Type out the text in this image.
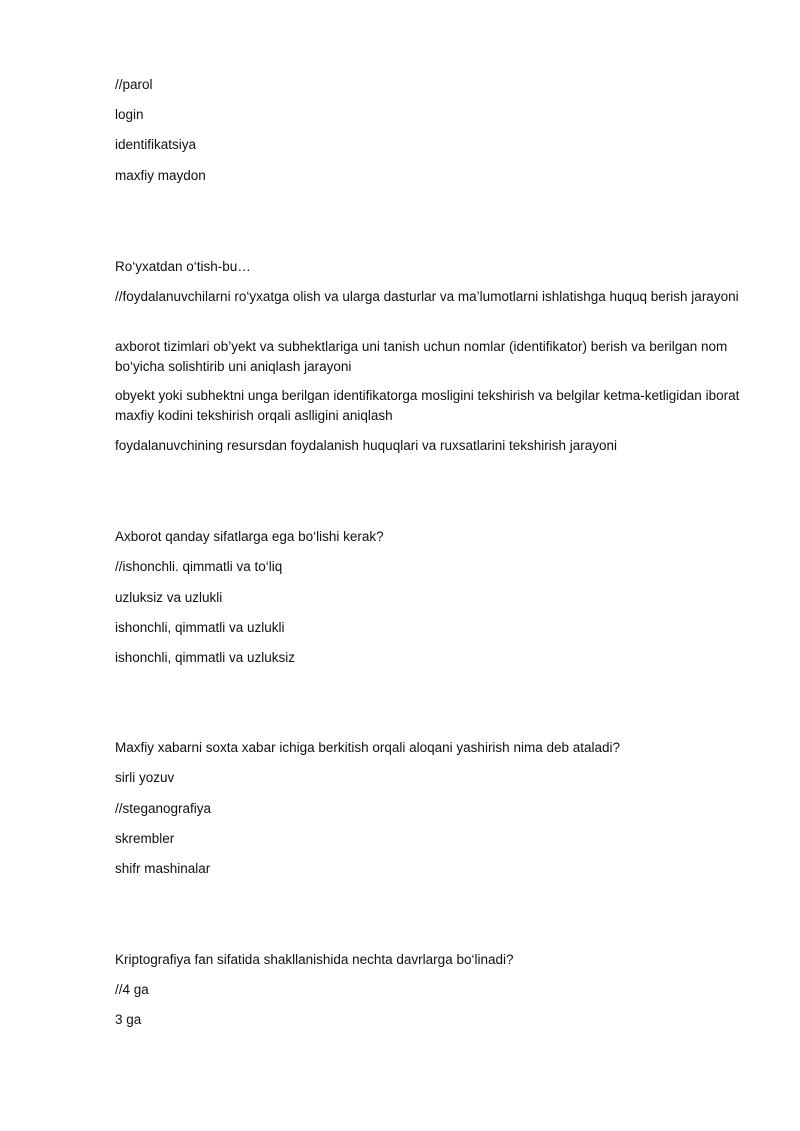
//parol
login
identifikatsiya
maxfiy maydon
Ro‘yxatdan o‘tish-bu…
//foydalanuvchilarni ro‘yxatga olish va ularga dasturlar va ma’lumotlarni ishlatishga huquq berish jarayoni
axborot tizimlari ob’yekt va subhektlariga uni tanish uchun nomlar (identifikator) berish va berilgan nom bo‘yicha solishtirib uni aniqlash jarayoni
obyekt yoki subhektni unga berilgan identifikatorga mosligini tekshirish va belgilar ketma-ketligidan iborat maxfiy kodini tekshirish orqali aslligini aniqlash
foydalanuvchining resursdan foydalanish huquqlari va ruxsatlarini tekshirish jarayoni
Axborot qanday sifatlarga ega bo‘lishi kerak?
//ishonchli. qimmatli va to‘liq
uzluksiz va uzlukli
ishonchli, qimmatli va uzlukli
ishonchli, qimmatli va uzluksiz
Maxfiy xabarni soxta xabar ichiga berkitish orqali aloqani yashirish nima deb ataladi?
sirli yozuv
//steganografiya
skrembler
shifr mashinalar
Kriptografiya fan sifatida shakllanishida nechta davrlarga bo‘linadi?
//4 ga
3 ga
